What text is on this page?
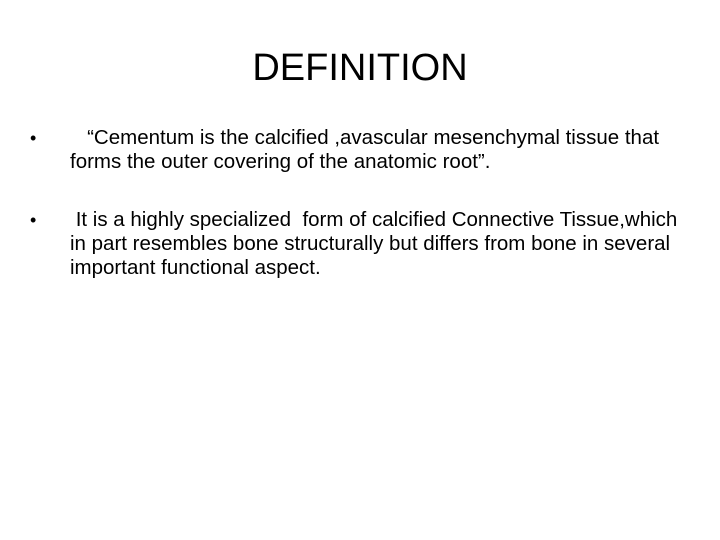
DEFINITION
• “Cementum is the calcified ,avascular mesenchymal tissue that forms the outer covering of the anatomic root”.
• It is a highly specialized  form of calcified Connective Tissue,which in part resembles bone structurally but differs from bone in several important functional aspect.
